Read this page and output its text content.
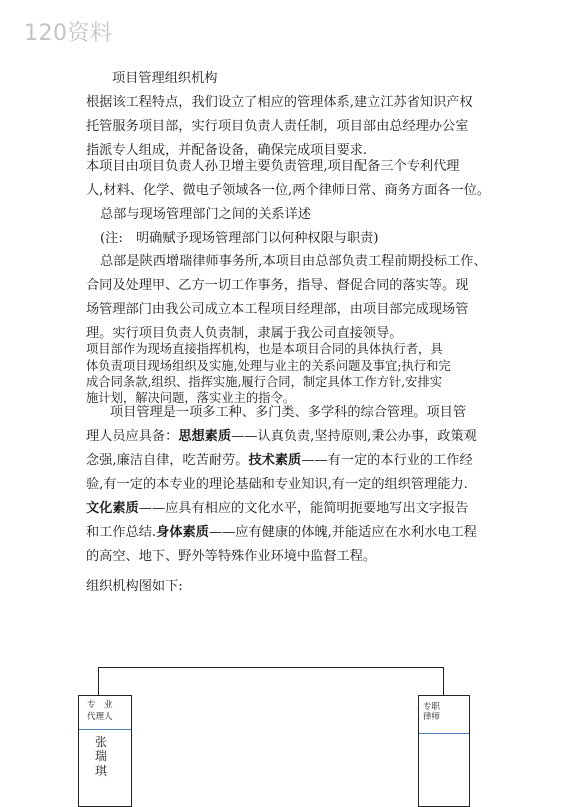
120资料
项目管理组织机构
根据该工程特点，我们设立了相应的管理体系,建立江苏省知识产权
托管服务项目部，实行项目负责人责任制，项目部由总经理办公室
指派专人组成，并配备设备，确保完成项目要求.
本项目由项目负责人孙卫增主要负责管理,项目配备三个专利代理
人,材料、化学、微电子领域各一位,两个律师日常、商务方面各一位。
总部与现场管理部门之间的关系详述
(注:　明确赋予现场管理部门以何种权限与职责)
总部是陕西增瑞律师事务所,本项目由总部负责工程前期投标工作、
合同及处理甲、乙方一切工作事务，指导、督促合同的落实等。现
场管理部门由我公司成立本工程项目经理部，由项目部完成现场管
理。实行项目负责人负责制，隶属于我公司直接领导。
项目部作为现场直接指挥机构，也是本项目合同的具体执行者，具
体负责项目现场组织及实施,处理与业主的关系问题及事宜;执行和完
成合同条款,组织、指挥实施,履行合同，制定具体工作方针,安排实
施计划，解决问题，落实业主的指令。
项目管理是一项多工种、多门类、多学科的综合管理。项目管
理人员应具备：思想素质——认真负责,坚持原则,秉公办事，政策观
念强,廉洁自律，吃苦耐劳。技术素质——有一定的本行业的工作经
验,有一定的本专业的理论基础和专业知识,有一定的组织管理能力.
文化素质——应具有相应的文化水平，能简明扼要地写出文字报告
和工作总结.身体素质——应有健康的体魄,并能适应在水利水电工程
的高空、地下、野外等特殊作业环境中监督工程。
组织机构图如下:
专　业
代理人
张
瑞
琪
专职
律师
